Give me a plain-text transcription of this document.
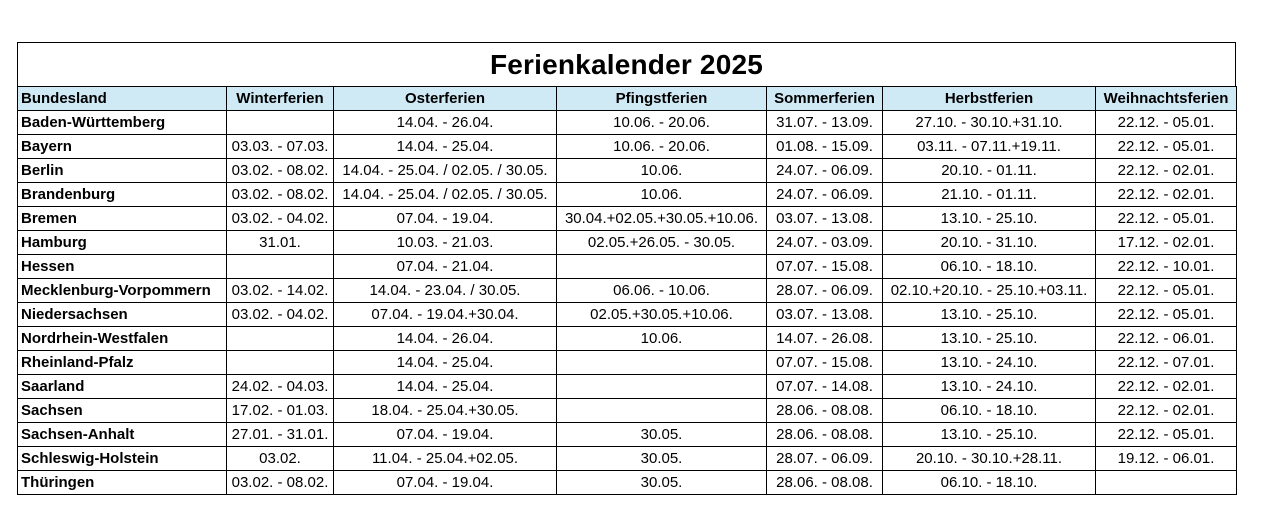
Ferienkalender 2025
Bundesland	Winterferien	Osterferien	Pfingstferien	Sommerferien	Herbstferien	Weihnachtsferien
Baden-Württemberg		14.04. - 26.04.	10.06. - 20.06.	31.07. - 13.09.	27.10. - 30.10.+31.10.	22.12. - 05.01.
Bayern	03.03. - 07.03.	14.04. - 25.04.	10.06. - 20.06.	01.08. - 15.09.	03.11. - 07.11.+19.11.	22.12. - 05.01.
Berlin	03.02. - 08.02.	14.04. - 25.04. / 02.05. / 30.05.	10.06.	24.07. - 06.09.	20.10. - 01.11.	22.12. - 02.01.
Brandenburg	03.02. - 08.02.	14.04. - 25.04. / 02.05. / 30.05.	10.06.	24.07. - 06.09.	21.10. - 01.11.	22.12. - 02.01.
Bremen	03.02. - 04.02.	07.04. - 19.04.	30.04.+02.05.+30.05.+10.06.	03.07. - 13.08.	13.10. - 25.10.	22.12. - 05.01.
Hamburg	31.01.	10.03. - 21.03.	02.05.+26.05. - 30.05.	24.07. - 03.09.	20.10. - 31.10.	17.12. - 02.01.
Hessen		07.04. - 21.04.		07.07. - 15.08.	06.10. - 18.10.	22.12. - 10.01.
Mecklenburg-Vorpommern	03.02. - 14.02.	14.04. - 23.04. / 30.05.	06.06. - 10.06.	28.07. - 06.09.	02.10.+20.10. - 25.10.+03.11.	22.12. - 05.01.
Niedersachsen	03.02. - 04.02.	07.04. - 19.04.+30.04.	02.05.+30.05.+10.06.	03.07. - 13.08.	13.10. - 25.10.	22.12. - 05.01.
Nordrhein-Westfalen		14.04. - 26.04.	10.06.	14.07. - 26.08.	13.10. - 25.10.	22.12. - 06.01.
Rheinland-Pfalz		14.04. - 25.04.		07.07. - 15.08.	13.10. - 24.10.	22.12. - 07.01.
Saarland	24.02. - 04.03.	14.04. - 25.04.		07.07. - 14.08.	13.10. - 24.10.	22.12. - 02.01.
Sachsen	17.02. - 01.03.	18.04. - 25.04.+30.05.		28.06. - 08.08.	06.10. - 18.10.	22.12. - 02.01.
Sachsen-Anhalt	27.01. - 31.01.	07.04. - 19.04.	30.05.	28.06. - 08.08.	13.10. - 25.10.	22.12. - 05.01.
Schleswig-Holstein	03.02.	11.04. - 25.04.+02.05.	30.05.	28.07. - 06.09.	20.10. - 30.10.+28.11.	19.12. - 06.01.
Thüringen	03.02. - 08.02.	07.04. - 19.04.	30.05.	28.06. - 08.08.	06.10. - 18.10.	
